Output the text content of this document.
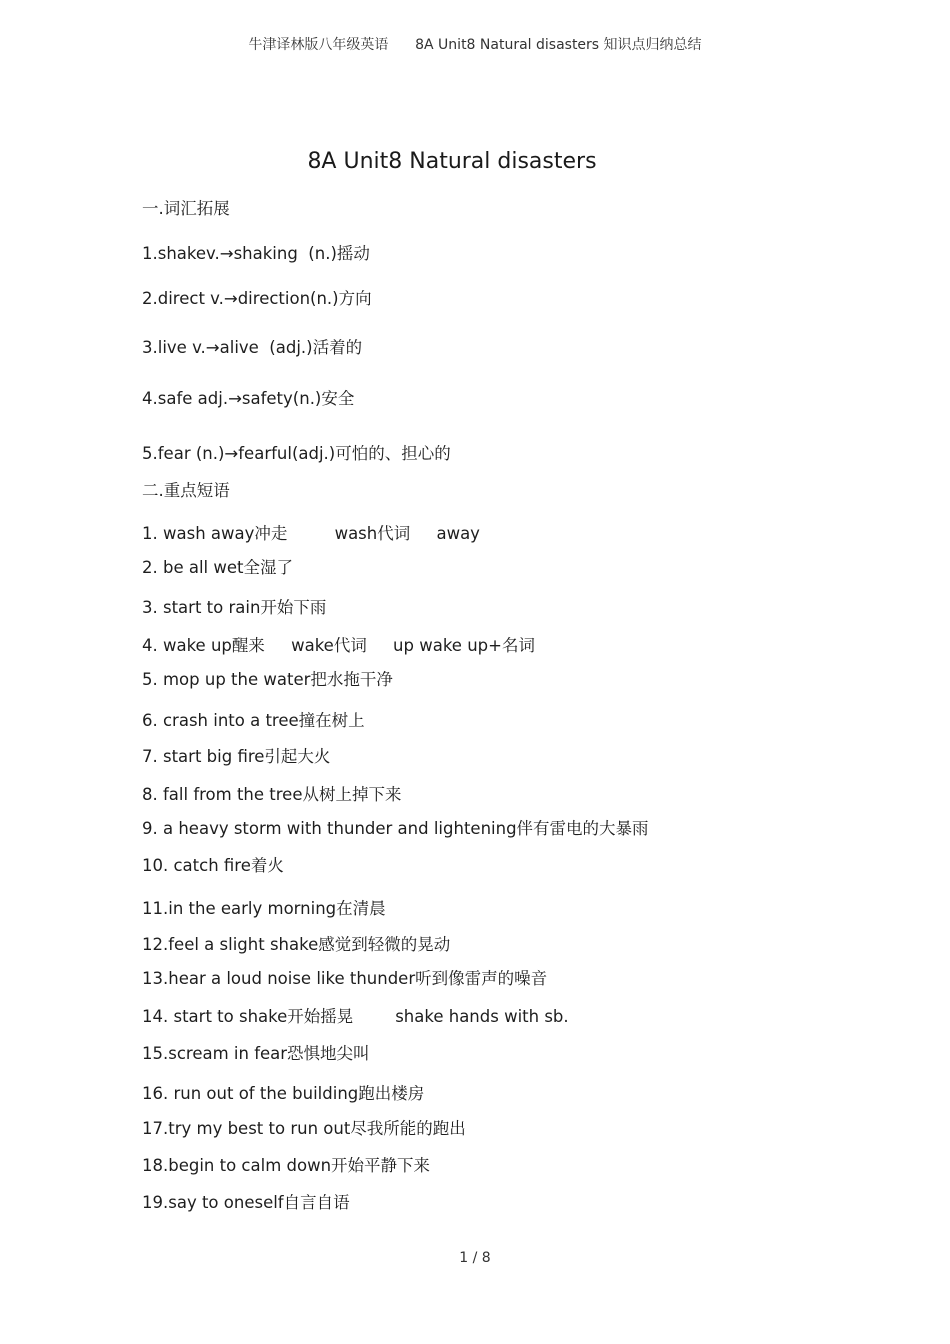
牛津译林版八年级英语      8A Unit8 Natural disasters 知识点归纳总结
8A Unit8 Natural disasters
一.词汇拓展
1.shakev.→shaking  (n.)摇动
2.direct v.→direction(n.)方向
3.live v.→alive  (adj.)活着的
4.safe adj.→safety(n.)安全
5.fear (n.)→fearful(adj.)可怕的、担心的
二.重点短语
1. wash away冲走         wash代词     away
2. be all wet全湿了
3. start to rain开始下雨
4. wake up醒来     wake代词     up wake up+名词
5. mop up the water把水拖干净
6. crash into a tree撞在树上
7. start big fire引起大火
8. fall from the tree从树上掉下来
9. a heavy storm with thunder and lightening伴有雷电的大暴雨
10. catch fire着火
11.in the early morning在清晨
12.feel a slight shake感觉到轻微的晃动
13.hear a loud noise like thunder听到像雷声的噪音
14. start to shake开始摇晃        shake hands with sb.
15.scream in fear恐惧地尖叫
16. run out of the building跑出楼房
17.try my best to run out尽我所能的跑出
18.begin to calm down开始平静下来
19.say to oneself自言自语
1 / 8
